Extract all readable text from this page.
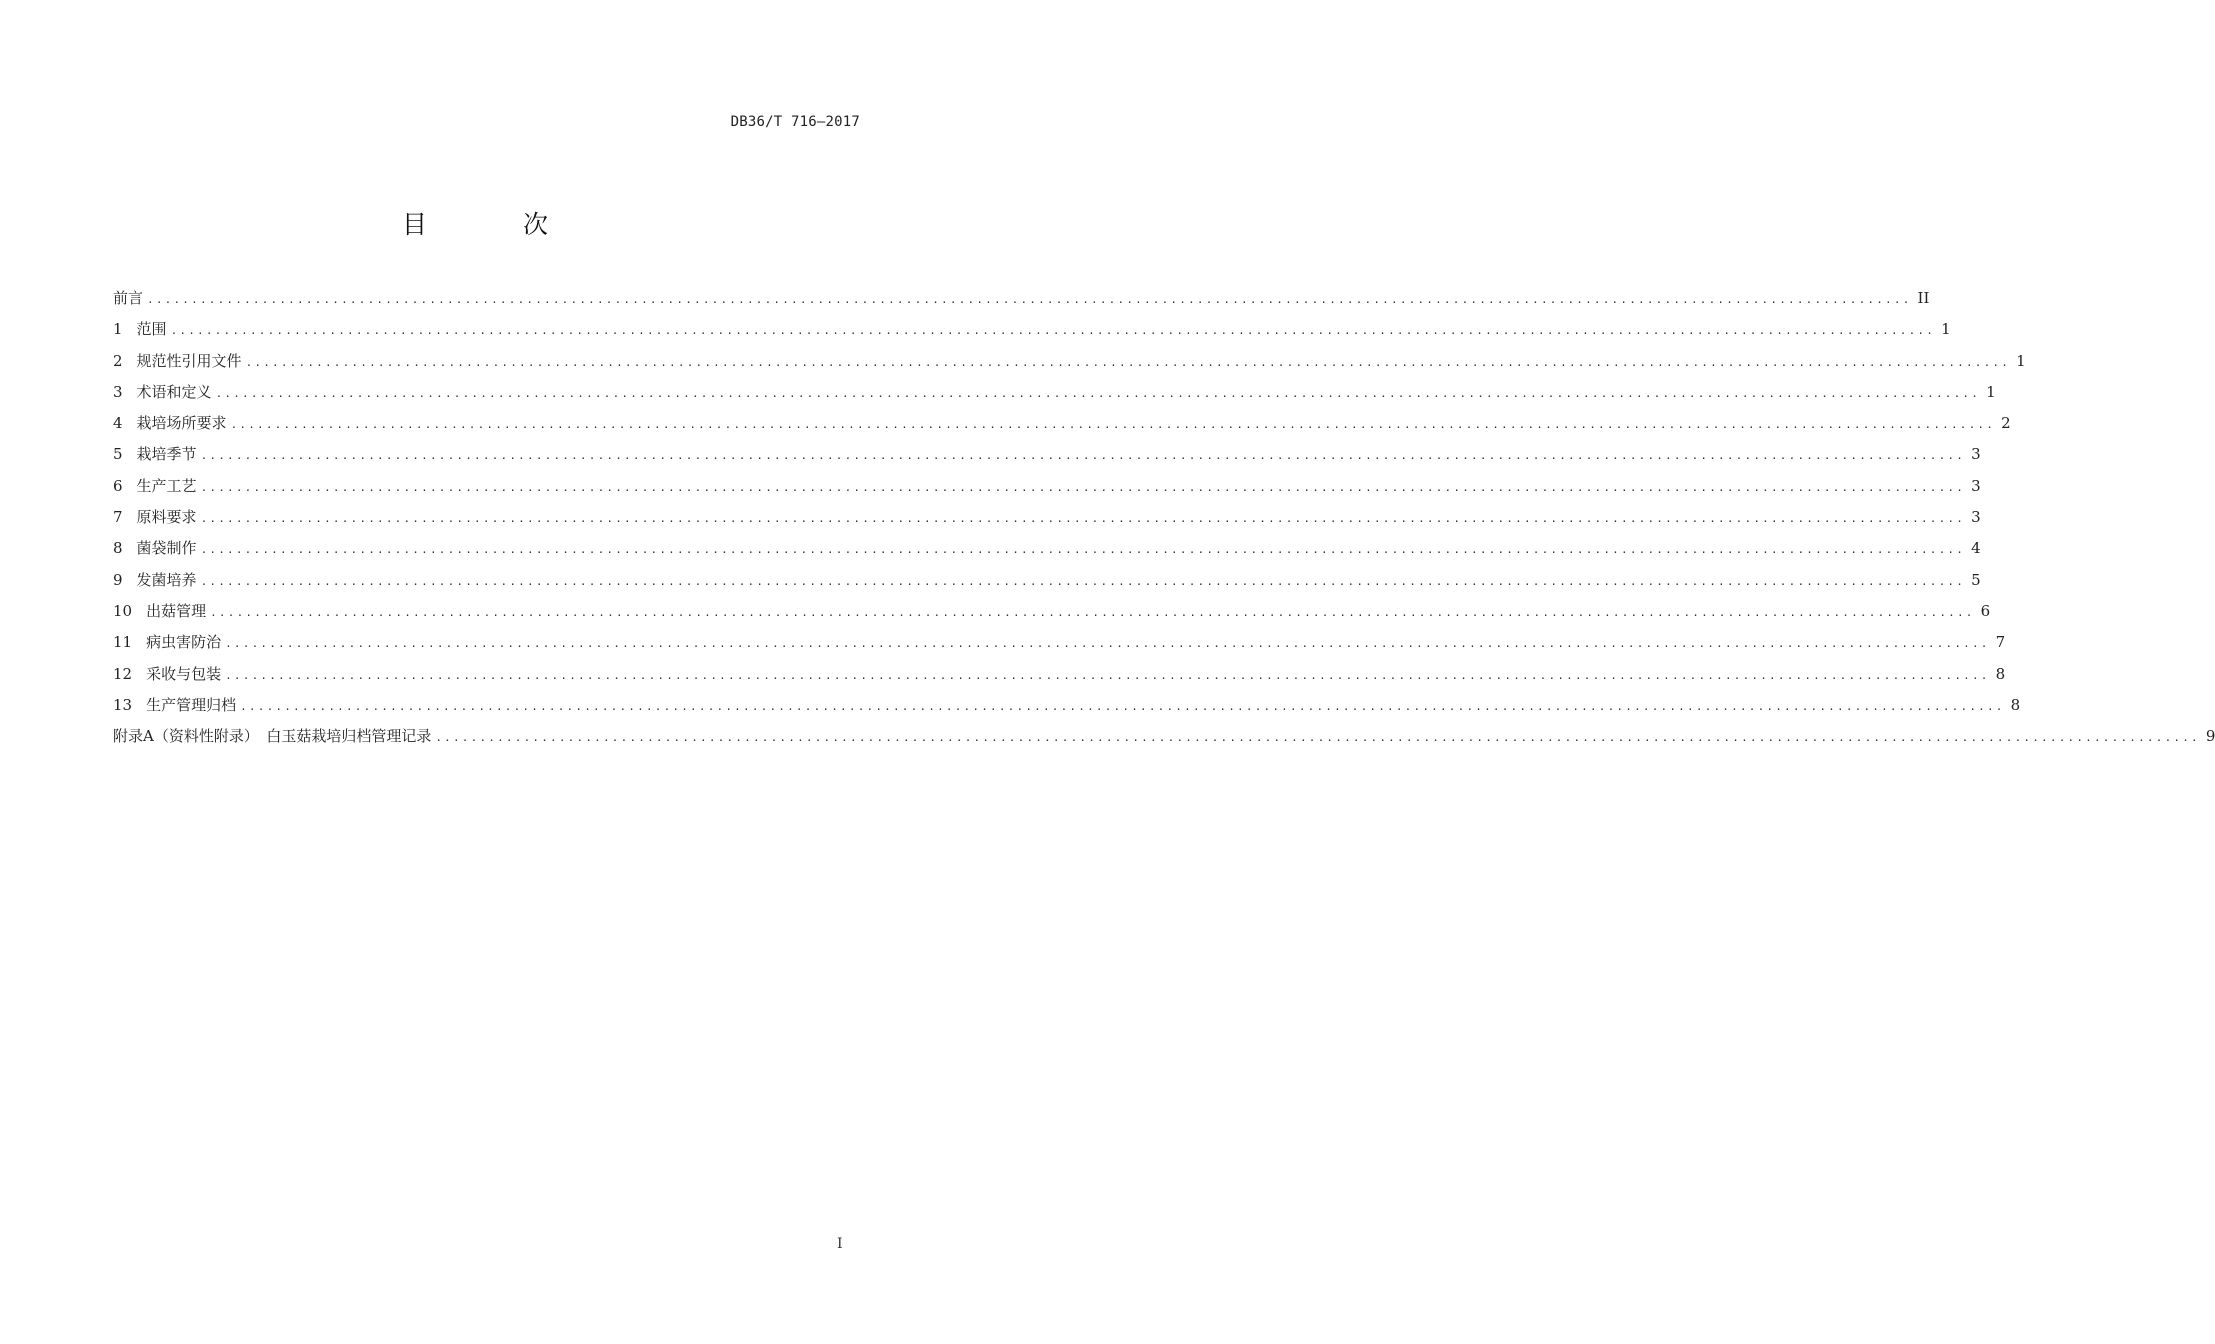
DB36/T 716—2017
目 次
前言 ........................................................................................................................................................................................................ II
1 范围 ........................................................................................................................................................................................................ 1
2 规范性引用文件 ........................................................................................................................................................................................................ 1
3 术语和定义 ........................................................................................................................................................................................................ 1
4 栽培场所要求 ........................................................................................................................................................................................................ 2
5 栽培季节 ........................................................................................................................................................................................................ 3
6 生产工艺 ........................................................................................................................................................................................................ 3
7 原料要求 ........................................................................................................................................................................................................ 3
8 菌袋制作 ........................................................................................................................................................................................................ 4
9 发菌培养 ........................................................................................................................................................................................................ 5
10 出菇管理 ........................................................................................................................................................................................................ 6
11 病虫害防治 ........................................................................................................................................................................................................ 7
12 采收与包装 ........................................................................................................................................................................................................ 8
13 生产管理归档 ........................................................................................................................................................................................................ 8
附录A（资料性附录）　白玉菇栽培归档管理记录 ........................................................................................................................................................................................................ 9
I
